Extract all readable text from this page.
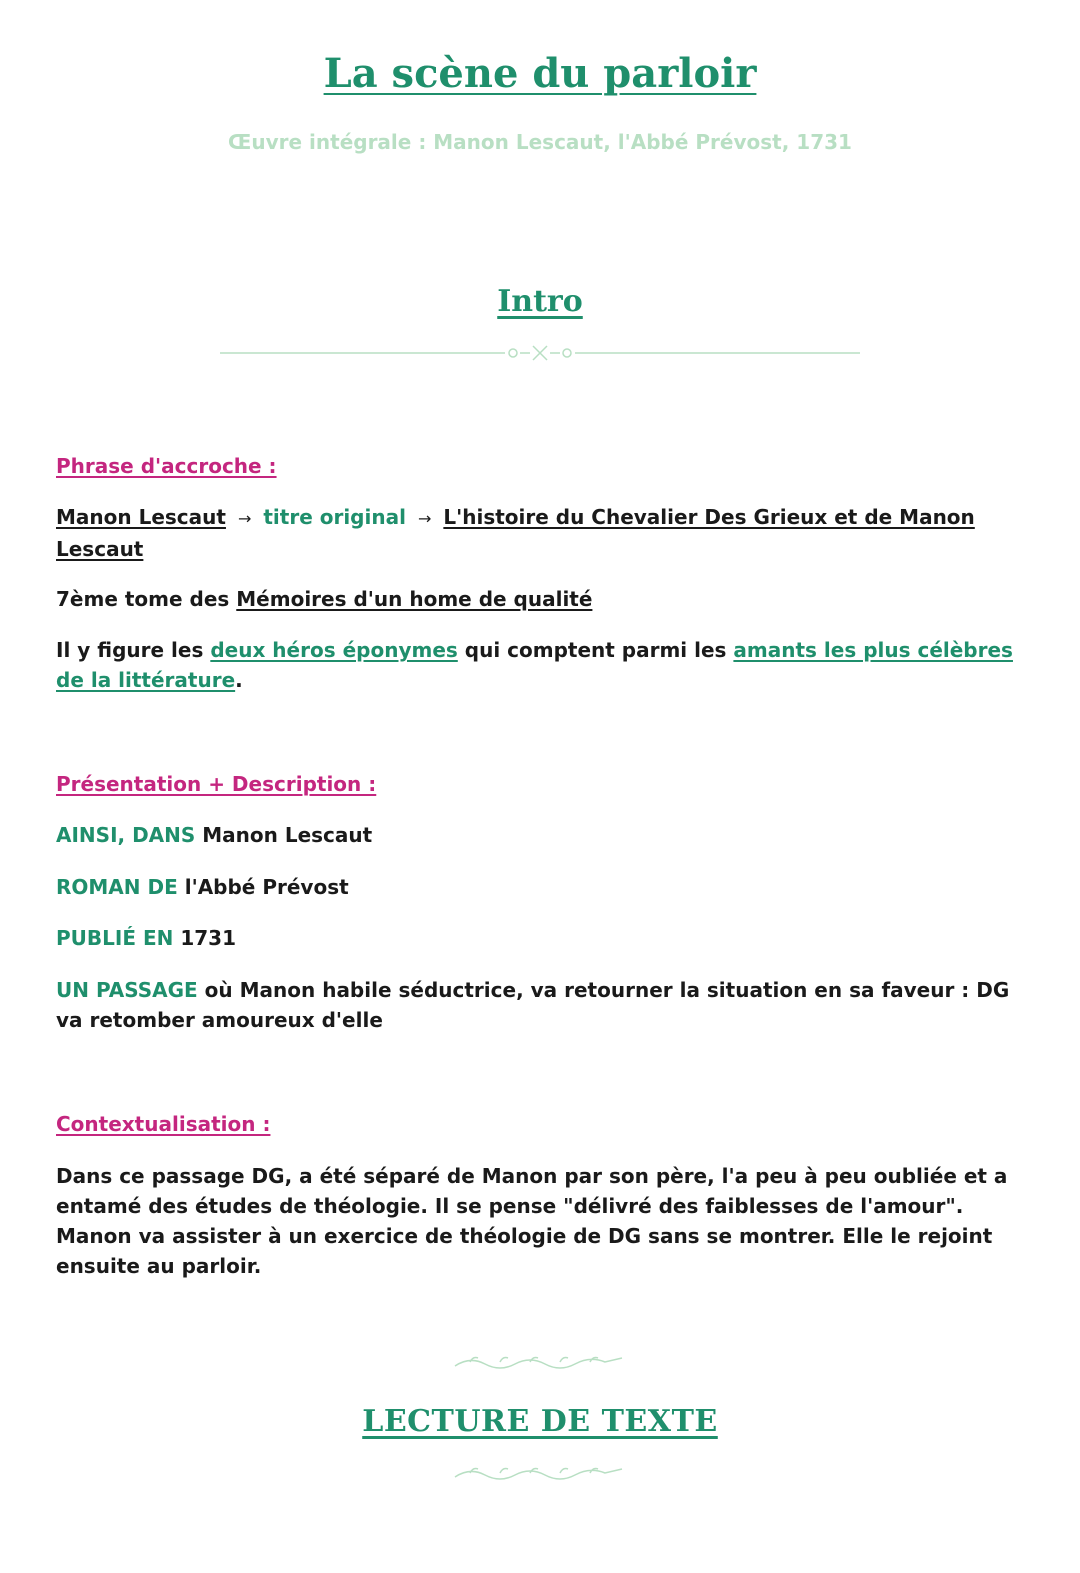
La scène du parloir
Œuvre intégrale : Manon Lescaut, l'Abbé Prévost, 1731
Intro
Phrase d'accroche :
Manon Lescaut → titre original → L'histoire du Chevalier Des Grieux et de Manon Lescaut
7ème tome des Mémoires d'un home de qualité
Il y figure les deux héros éponymes qui comptent parmi les amants les plus célèbres de la littérature.
Présentation + Description :
AINSI, DANS Manon Lescaut
ROMAN DE l'Abbé Prévost
PUBLIÉ EN 1731
UN PASSAGE où Manon habile séductrice, va retourner la situation en sa faveur : DG va retomber amoureux d'elle
Contextualisation :
Dans ce passage DG, a été séparé de Manon par son père, l'a peu à peu oubliée et a entamé des études de théologie. Il se pense "délivré des faiblesses de l'amour". Manon va assister à un exercice de théologie de DG sans se montrer. Elle le rejoint ensuite au parloir.
LECTURE DE TEXTE
